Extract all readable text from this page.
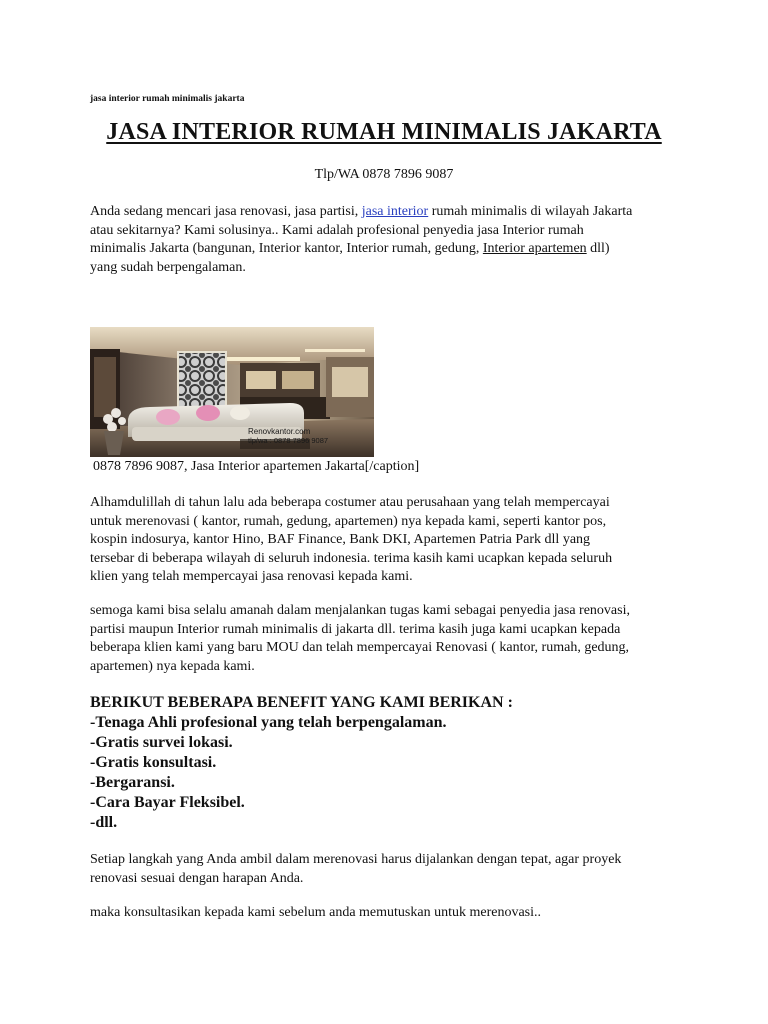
jasa interior rumah minimalis jakarta
JASA INTERIOR RUMAH MINIMALIS JAKARTA
Tlp/WA 0878 7896 9087
Anda sedang mencari jasa renovasi, jasa partisi, jasa interior rumah minimalis di wilayah Jakarta
atau sekitarnya? Kami solusinya.. Kami adalah profesional penyedia jasa Interior rumah
minimalis Jakarta (bangunan, Interior kantor, Interior rumah, gedung, Interior apartemen dll)
yang sudah berpengalaman.
Renovkantor.com
tlp/wa : 0878 7896 9087
0878 7896 9087, Jasa Interior apartemen Jakarta[/caption]
Alhamdulillah di tahun lalu ada beberapa costumer atau perusahaan yang telah mempercayai
untuk merenovasi ( kantor, rumah, gedung, apartemen) nya kepada kami, seperti kantor pos,
kospin indosurya, kantor Hino, BAF Finance, Bank DKI, Apartemen Patria Park dll yang
tersebar di beberapa wilayah di seluruh indonesia. terima kasih kami ucapkan kepada seluruh
klien yang telah mempercayai jasa renovasi kepada kami.
semoga kami bisa selalu amanah dalam menjalankan tugas kami sebagai penyedia jasa renovasi,
partisi maupun Interior rumah minimalis di jakarta dll. terima kasih juga kami ucapkan kepada
beberapa klien kami yang baru MOU dan telah mempercayai Renovasi ( kantor, rumah, gedung,
apartemen) nya kepada kami.
BERIKUT BEBERAPA BENEFIT YANG KAMI BERIKAN :
-Tenaga Ahli profesional yang telah berpengalaman.
-Gratis survei lokasi.
-Gratis konsultasi.
-Bergaransi.
-Cara Bayar Fleksibel.
-dll.
Setiap langkah yang Anda ambil dalam merenovasi harus dijalankan dengan tepat, agar proyek
renovasi sesuai dengan harapan Anda.
maka konsultasikan kepada kami sebelum anda memutuskan untuk merenovasi..
